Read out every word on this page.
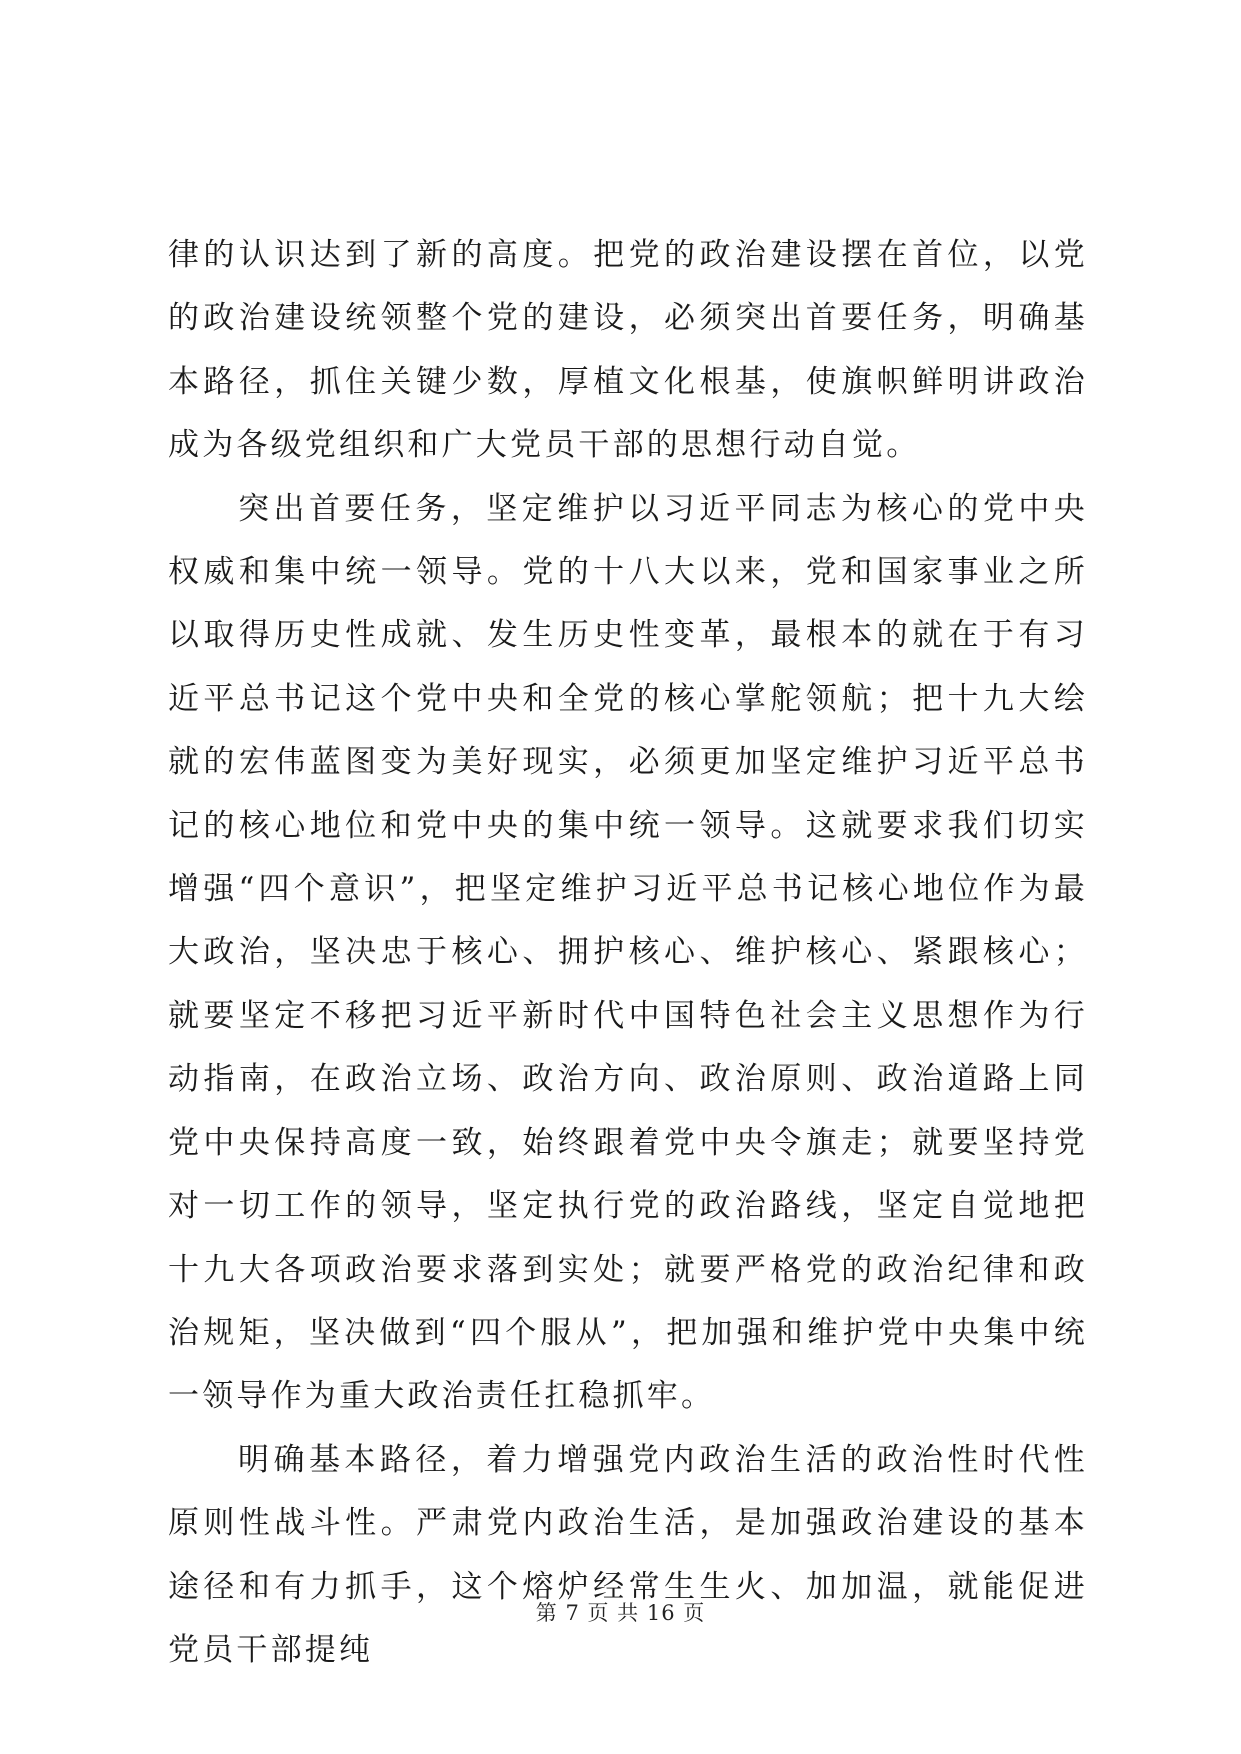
律的认识达到了新的高度。把党的政治建设摆在首位，以党的政治建设统领整个党的建设，必须突出首要任务，明确基本路径，抓住关键少数，厚植文化根基，使旗帜鲜明讲政治成为各级党组织和广大党员干部的思想行动自觉。

突出首要任务，坚定维护以习近平同志为核心的党中央权威和集中统一领导。党的十八大以来，党和国家事业之所以取得历史性成就、发生历史性变革，最根本的就在于有习近平总书记这个党中央和全党的核心掌舵领航；把十九大绘就的宏伟蓝图变为美好现实，必须更加坚定维护习近平总书记的核心地位和党中央的集中统一领导。这就要求我们切实增强“四个意识”，把坚定维护习近平总书记核心地位作为最大政治，坚决忠于核心、拥护核心、维护核心、紧跟核心；就要坚定不移把习近平新时代中国特色社会主义思想作为行动指南，在政治立场、政治方向、政治原则、政治道路上同党中央保持高度一致，始终跟着党中央令旗走；就要坚持党对一切工作的领导，坚定执行党的政治路线，坚定自觉地把十九大各项政治要求落到实处；就要严格党的政治纪律和政治规矩，坚决做到“四个服从”，把加强和维护党中央集中统一领导作为重大政治责任扛稳抓牢。

明确基本路径，着力增强党内政治生活的政治性时代性原则性战斗性。严肃党内政治生活，是加强政治建设的基本途径和有力抓手，这个熔炉经常生生火、加加温，就能促进党员干部提纯

第 7 页 共 16 页
